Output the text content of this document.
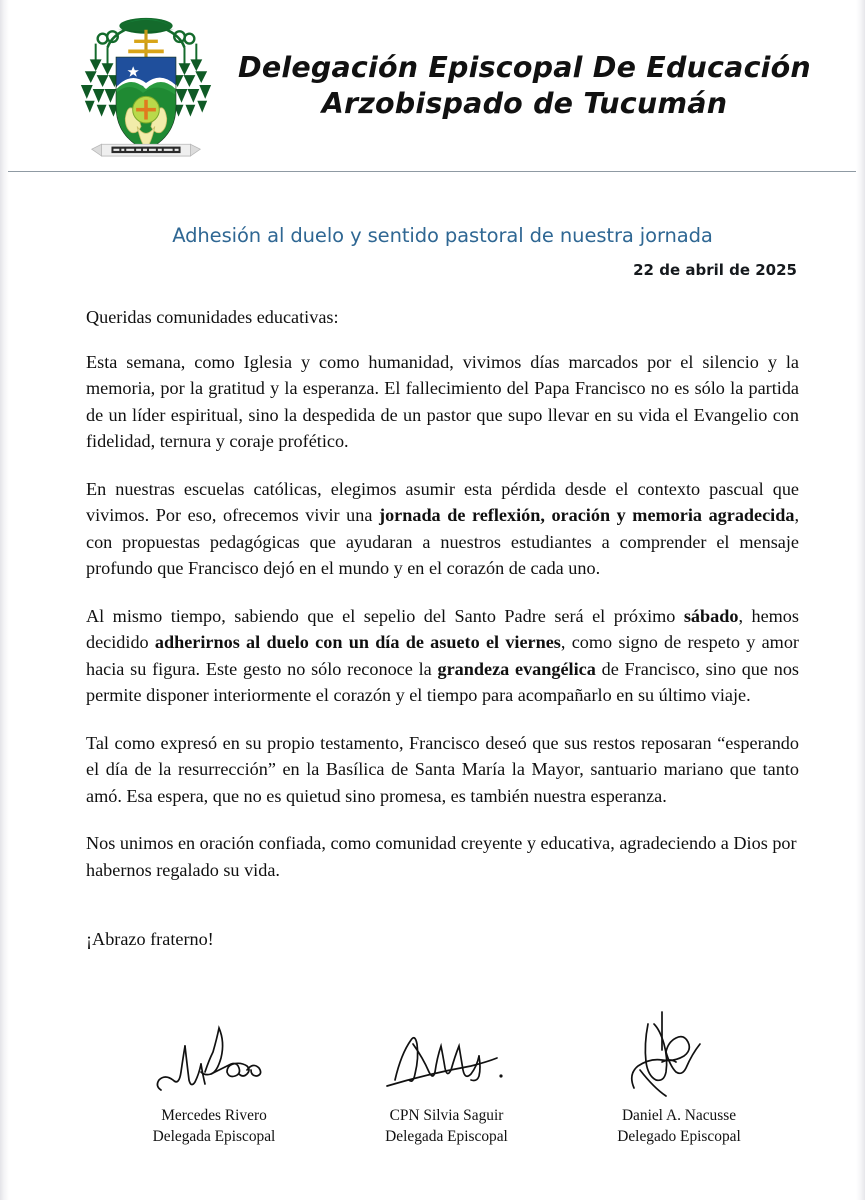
Delegación Episcopal De Educación
Arzobispado de Tucumán
Adhesión al duelo y sentido pastoral de nuestra jornada
22 de abril de 2025
Queridas comunidades educativas:

Esta semana, como Iglesia y como humanidad, vivimos días marcados por el silencio y la memoria, por la gratitud y la esperanza. El fallecimiento del Papa Francisco no es sólo la partida de un líder espiritual, sino la despedida de un pastor que supo llevar en su vida el Evangelio con fidelidad, ternura y coraje profético.

En nuestras escuelas católicas, elegimos asumir esta pérdida desde el contexto pascual que vivimos. Por eso, ofrecemos vivir una jornada de reflexión, oración y memoria agradecida, con propuestas pedagógicas que ayudaran a nuestros estudiantes a comprender el mensaje profundo que Francisco dejó en el mundo y en el corazón de cada uno.

Al mismo tiempo, sabiendo que el sepelio del Santo Padre será el próximo sábado, hemos decidido adherirnos al duelo con un día de asueto el viernes, como signo de respeto y amor hacia su figura. Este gesto no sólo reconoce la grandeza evangélica de Francisco, sino que nos permite disponer interiormente el corazón y el tiempo para acompañarlo en su último viaje.

Tal como expresó en su propio testamento, Francisco deseó que sus restos reposaran “esperando el día de la resurrección” en la Basílica de Santa María la Mayor, santuario mariano que tanto amó. Esa espera, que no es quietud sino promesa, es también nuestra esperanza.

Nos unimos en oración confiada, como comunidad creyente y educativa, agradeciendo a Dios por habernos regalado su vida.

¡Abrazo fraterno!
Mercedes Rivero
Delegada Episcopal
CPN Silvia Saguir
Delegada Episcopal
Daniel A. Nacusse
Delegado Episcopal
